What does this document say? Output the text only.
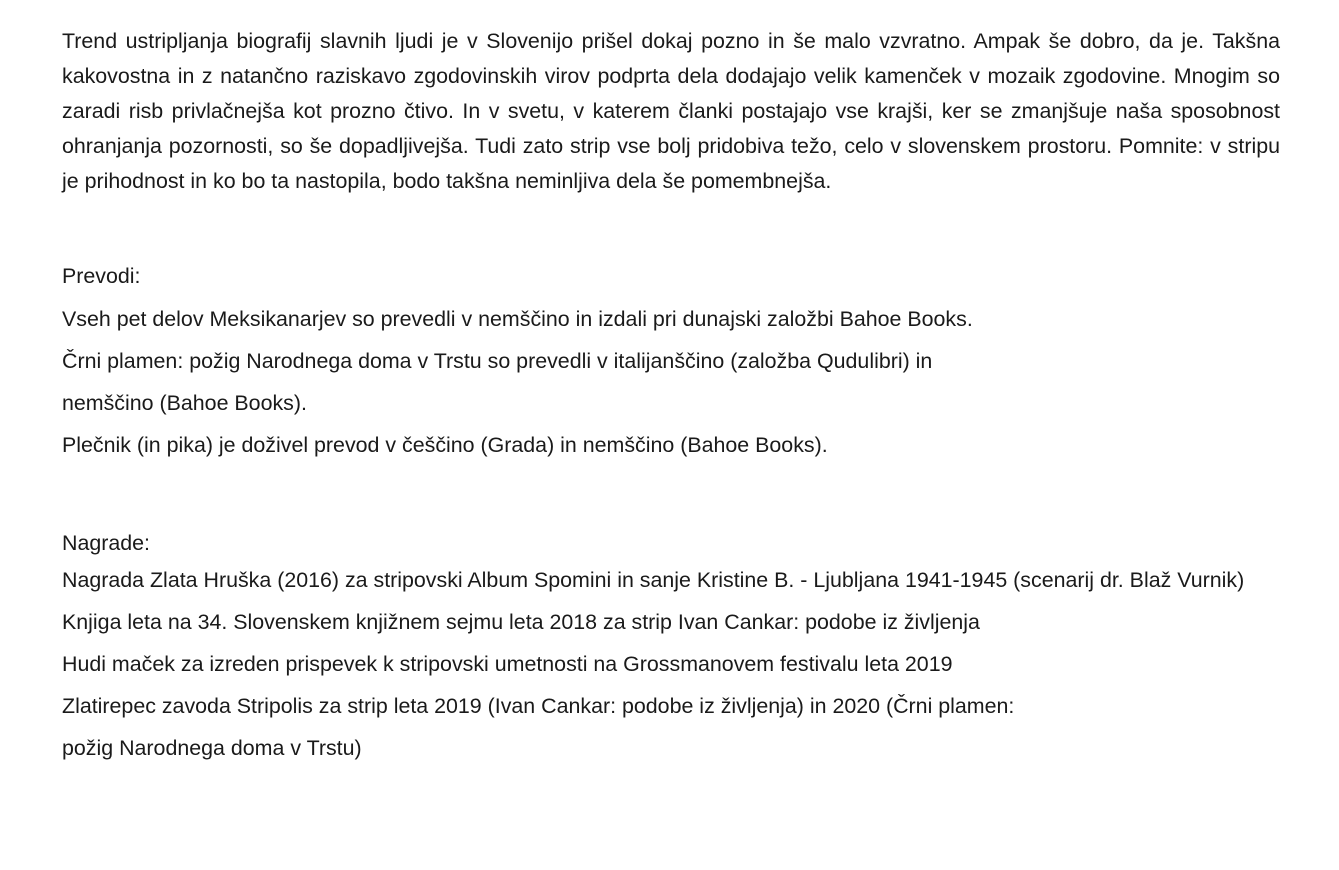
Trend ustripljanja biografij slavnih ljudi je v Slovenijo prišel dokaj pozno in še malo vzvratno. Ampak še dobro, da je. Takšna kakovostna in z natančno raziskavo zgodovinskih virov podprta dela dodajajo velik kamenček v mozaik zgodovine. Mnogim so zaradi risb privlačnejša kot prozno čtivo. In v svetu, v katerem članki postajajo vse krajši, ker se zmanjšuje naša sposobnost ohranjanja pozornosti, so še dopadljivejša. Tudi zato strip vse bolj pridobiva težo, celo v slovenskem prostoru. Pomnite: v stripu je prihodnost in ko bo ta nastopila, bodo takšna neminljiva dela še pomembnejša.

Prevodi:

Vseh pet delov Meksikanarjev so prevedli v nemščino in izdali pri dunajski založbi Bahoe Books.

Črni plamen: požig Narodnega doma v Trstu so prevedli v italijanščino (založba Qudulibri) in

nemščino (Bahoe Books).

Plečnik (in pika) je doživel prevod v češčino (Grada) in nemščino (Bahoe Books).

Nagrade:

Nagrada Zlata Hruška (2016) za stripovski Album Spomini in sanje Kristine B. - Ljubljana 1941-1945 (scenarij dr. Blaž Vurnik)

Knjiga leta na 34. Slovenskem knjižnem sejmu leta 2018 za strip Ivan Cankar: podobe iz življenja

Hudi maček za izreden prispevek k stripovski umetnosti na Grossmanovem festivalu leta 2019

Zlatirepec zavoda Stripolis za strip leta 2019 (Ivan Cankar: podobe iz življenja) in 2020 (Črni plamen:

požig Narodnega doma v Trstu)
